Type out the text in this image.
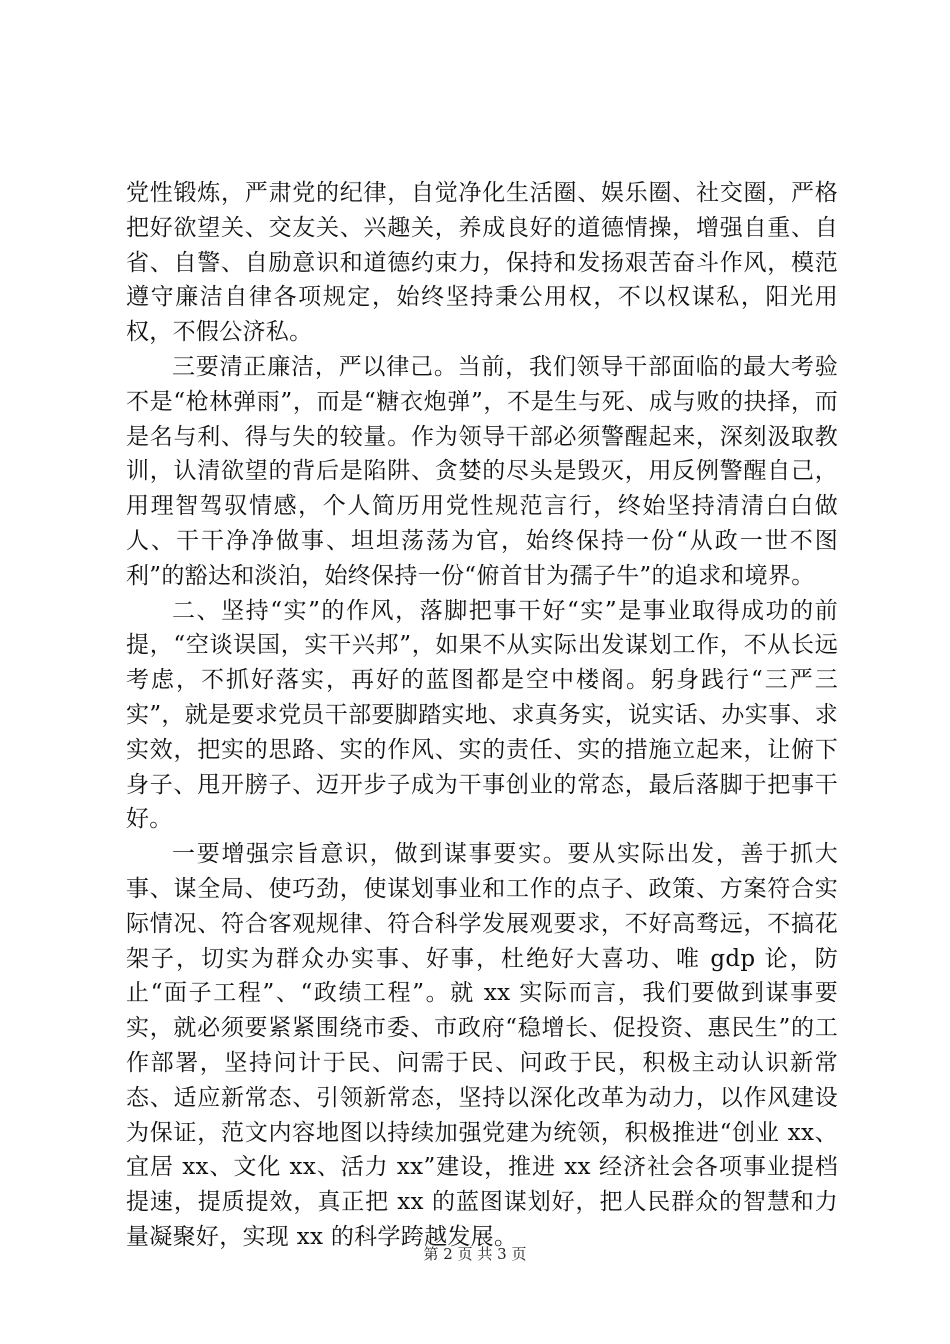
党性锻炼，严肃党的纪律，自觉净化生活圈、娱乐圈、社交圈，严格把好欲望关、交友关、兴趣关，养成良好的道德情操，增强自重、自省、自警、自励意识和道德约束力，保持和发扬艰苦奋斗作风，模范遵守廉洁自律各项规定，始终坚持秉公用权，不以权谋私，阳光用权，不假公济私。

三要清正廉洁，严以律己。当前，我们领导干部面临的最大考验不是“枪林弹雨”，而是“糖衣炮弹”，不是生与死、成与败的抉择，而是名与利、得与失的较量。作为领导干部必须警醒起来，深刻汲取教训，认清欲望的背后是陷阱、贪婪的尽头是毁灭，用反例警醒自己，用理智驾驭情感，个人简历用党性规范言行，终始坚持清清白白做人、干干净净做事、坦坦荡荡为官，始终保持一份“从政一世不图利”的豁达和淡泊，始终保持一份“俯首甘为孺子牛”的追求和境界。

二、坚持“实”的作风，落脚把事干好“实”是事业取得成功的前提，“空谈误国，实干兴邦”，如果不从实际出发谋划工作，不从长远考虑，不抓好落实，再好的蓝图都是空中楼阁。躬身践行“三严三实”，就是要求党员干部要脚踏实地、求真务实，说实话、办实事、求实效，把实的思路、实的作风、实的责任、实的措施立起来，让俯下身子、甩开膀子、迈开步子成为干事创业的常态，最后落脚于把事干好。

一要增强宗旨意识，做到谋事要实。要从实际出发，善于抓大事、谋全局、使巧劲，使谋划事业和工作的点子、政策、方案符合实际情况、符合客观规律、符合科学发展观要求，不好高骛远，不搞花架子，切实为群众办实事、好事，杜绝好大喜功、唯 gdp 论，防止“面子工程”、“政绩工程”。就 xx 实际而言，我们要做到谋事要实，就必须要紧紧围绕市委、市政府“稳增长、促投资、惠民生”的工作部署，坚持问计于民、问需于民、问政于民，积极主动认识新常态、适应新常态、引领新常态，坚持以深化改革为动力，以作风建设为保证，范文内容地图以持续加强党建为统领，积极推进“创业 xx、宜居 xx、文化 xx、活力 xx”建设，推进 xx 经济社会各项事业提档提速，提质提效，真正把 xx 的蓝图谋划好，把人民群众的智慧和力量凝聚好，实现 xx 的科学跨越发展。

第 2 页 共 3 页
